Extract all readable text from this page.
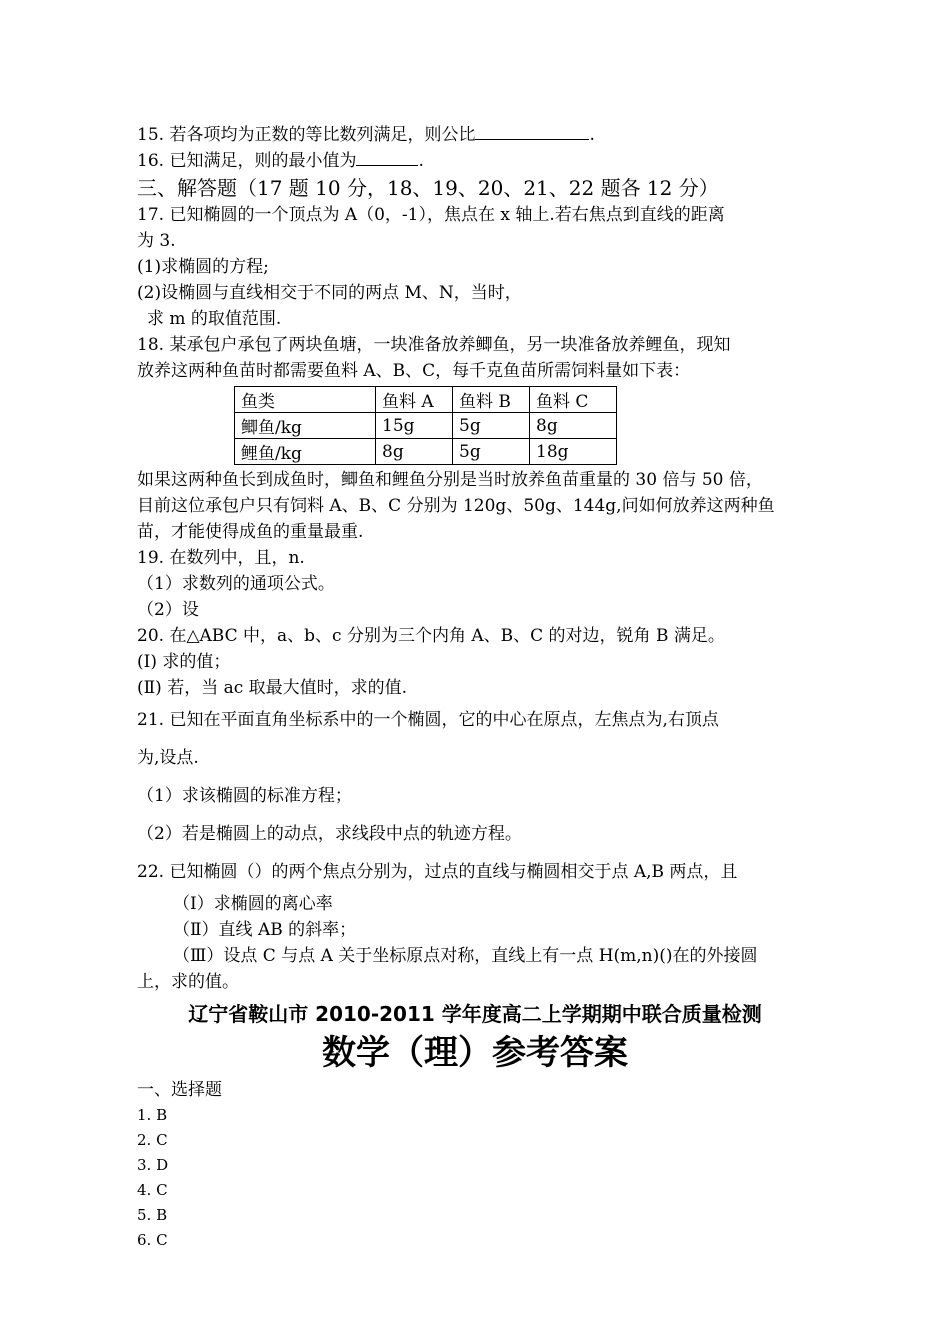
15. 若各项均为正数的等比数列满足，则公比	.
16. 已知满足，则的最小值为	.
三、解答题（17 题 10 分，18、19、20、21、22 题各 12 分）
17. 已知椭圆的一个顶点为 A（0，-1），焦点在 x 轴上.若右焦点到直线的距离
为 3.
(1)求椭圆的方程;
(2)设椭圆与直线相交于不同的两点 M、N，当时，
求 m 的取值范围.
18. 某承包户承包了两块鱼塘，一块准备放养鲫鱼，另一块准备放养鲤鱼，现知
放养这两种鱼苗时都需要鱼料 A、B、C，每千克鱼苗所需饲料量如下表：
鱼类	鱼料 A	鱼料 B	鱼料 C
鲫鱼/kg	15g	5g	8g
鲤鱼/kg	8g	5g	18g
如果这两种鱼长到成鱼时，鲫鱼和鲤鱼分别是当时放养鱼苗重量的 30 倍与 50 倍，
目前这位承包户只有饲料 A、B、C 分别为 120g、50g、144g,问如何放养这两种鱼
苗，才能使得成鱼的重量最重.
19. 在数列中，且，n.
（1）求数列的通项公式。
（2）设
20. 在△ABC 中，a、b、c 分别为三个内角 A、B、C 的对边，锐角 B 满足。
(Ⅰ) 求的值；
(Ⅱ) 若，当 ac 取最大值时，求的值.
21. 已知在平面直角坐标系中的一个椭圆，它的中心在原点，左焦点为,右顶点
为,设点.
（1）求该椭圆的标准方程；
（2）若是椭圆上的动点，求线段中点的轨迹方程。
22. 已知椭圆（）的两个焦点分别为，过点的直线与椭圆相交于点 A,B 两点，且
（Ⅰ）求椭圆的离心率
（Ⅱ）直线 AB 的斜率；
（Ⅲ）设点 C 与点 A 关于坐标原点对称，直线上有一点 H(m,n)()在的外接圆
上，求的值。
辽宁省鞍山市 2010-2011 学年度高二上学期期中联合质量检测
数学（理）参考答案
一、选择题
1. B
2. C
3. D
4. C
5. B
6. C
